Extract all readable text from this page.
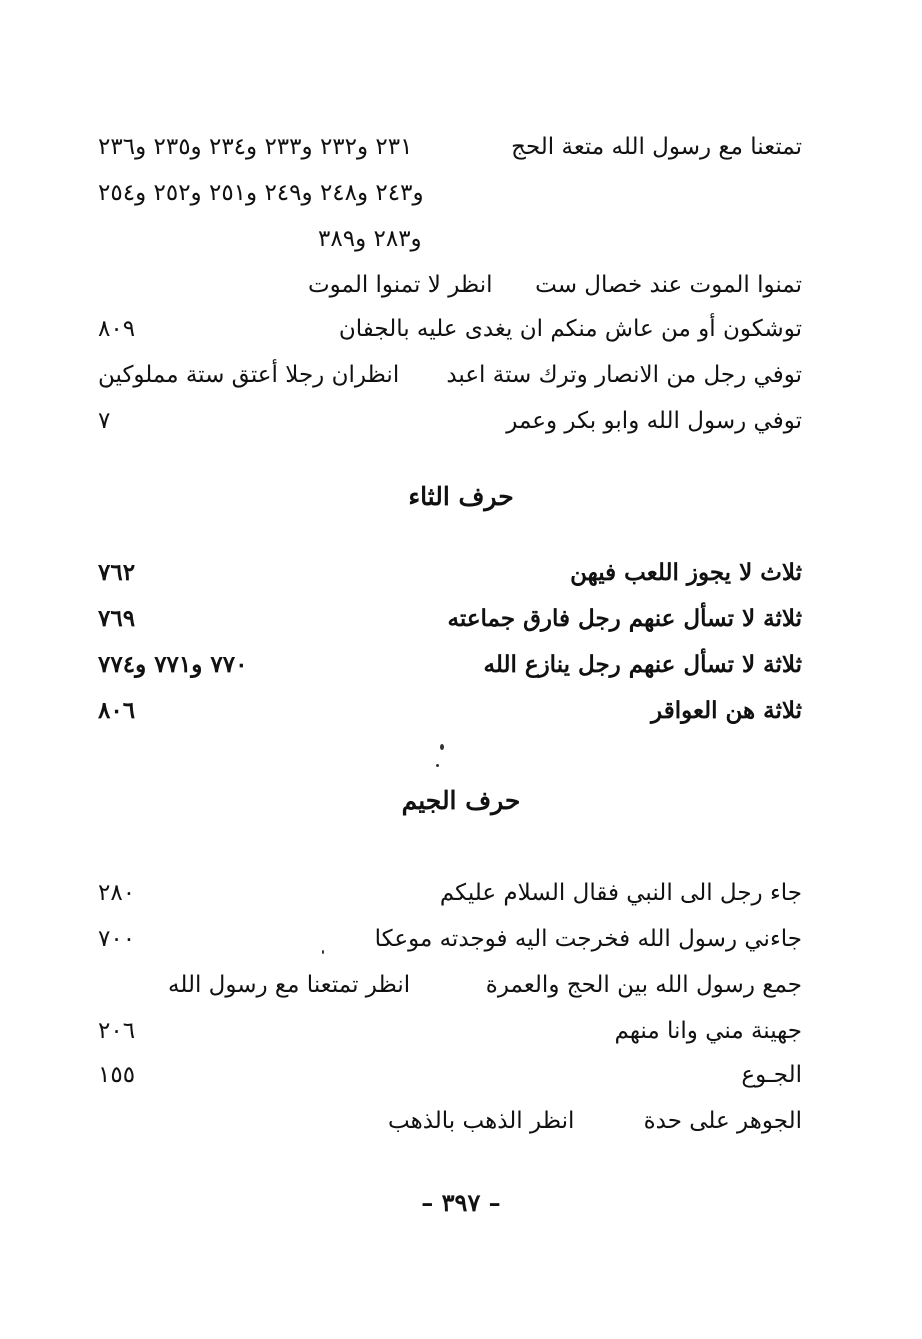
تمتعنا مع رسول الله متعة الحج
٢٣١ و٢٣٢ و٢٣٣ و٢٣٤ و٢٣٥ و٢٣٦
و٢٤٣ و٢٤٨ و٢٤٩ و٢٥١ و٢٥٢ و٢٥٤
و٢٨٣ و٣٨٩
تمنوا الموت عند خصال ست
انظر لا تمنوا الموت
توشكون أو من عاش منكم ان يغدى عليه بالجفان
٨٠٩
توفي رجل من الانصار وترك ستة اعبد
انظران رجلا أعتق ستة مملوكين
توفي رسول الله وابو بكر وعمر
٧
حرف الثاء
ثلاث لا يجوز اللعب فيهن
٧٦٢
ثلاثة لا تسأل عنهم رجل فارق جماعته
٧٦٩
ثلاثة لا تسأل عنهم رجل ينازع الله
٧٧٠ و٧٧١ و٧٧٤
ثلاثة هن العواقر
٨٠٦
حرف الجيم
جاء رجل الى النبي فقال السلام عليكم
٢٨٠
جاءني رسول الله فخرجت اليه فوجدته موعكا
٧٠٠
جمع رسول الله بين الحج والعمرة
انظر تمتعنا مع رسول الله
جهينة مني وانا منهم
٢٠٦
الجـوع
١٥٥
الجوهر على حدة
انظر الذهب بالذهب
– ٣٩٧ –
